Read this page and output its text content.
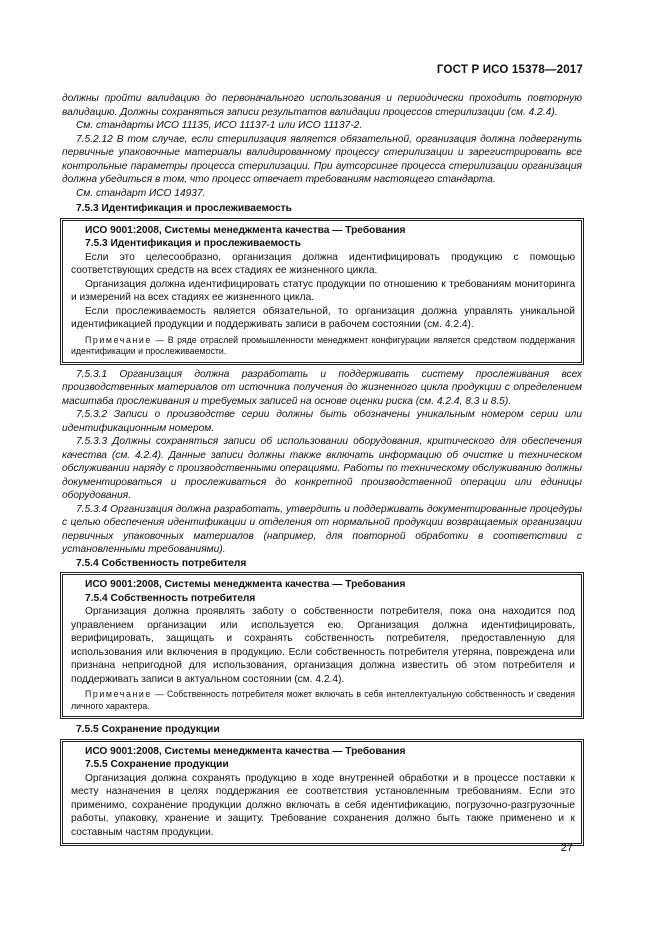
ГОСТ Р ИСО 15378—2017

должны пройти валидацию до первоначального использования и периодически проходить повторную валидацию. Должны сохраняться записи результатов валидации процессов стерилизации (см. 4.2.4).

См. стандарты ИСО 11135, ИСО 11137-1 или ИСО 11137-2.

7.5.2.12 В том случае, если стерилизация является обязательной, организация должна подвергнуть первичные упаковочные материалы валидированному процессу стерилизации и зарегистрировать все контрольные параметры процесса стерилизации. При аутсорсинге процесса стерилизации организация должна убедиться в том, что процесс отвечает требованиям настоящего стандарта.

См. стандарт ИСО 14937.

7.5.3 Идентификация и прослеживаемость

ИСО 9001:2008, Системы менеджмента качества — Требования

7.5.3 Идентификация и прослеживаемость

Если это целесообразно, организация должна идентифицировать продукцию с помощью соответствующих средств на всех стадиях ее жизненного цикла.

Организация должна идентифицировать статус продукции по отношению к требованиям мониторинга и измерений на всех стадиях ее жизненного цикла.

Если прослеживаемость является обязательной, то организация должна управлять уникальной идентификацией продукции и поддерживать записи в рабочем состоянии (см. 4.2.4).

Примечание — В ряде отраслей промышленности менеджмент конфигурации является средством поддержания идентификации и прослеживаемости.

7.5.3.1 Организация должна разработать и поддерживать систему прослеживания всех производственных материалов от источника получения до жизненного цикла продукции с определением масштаба прослеживания и требуемых записей на основе оценки риска (см. 4.2.4, 8.3 и 8.5).

7.5.3.2 Записи о производстве серии должны быть обозначены уникальным номером серии или идентификационным номером.

7.5.3.3 Должны сохраняться записи об использовании оборудования, критического для обеспечения качества (см. 4.2.4). Данные записи должны также включать информацию об очистке и техническом обслуживании наряду с производственными операциями. Работы по техническому обслуживанию должны документироваться и прослеживаться до конкретной производственной операции или единицы оборудования.

7.5.3.4 Организация должна разработать, утвердить и поддерживать документированные процедуры с целью обеспечения идентификации и отделения от нормальной продукции возвращаемых организации первичных упаковочных материалов (например, для повторной обработки в соответствии с установленными требованиями).

7.5.4 Собственность потребителя

ИСО 9001:2008, Системы менеджмента качества — Требования

7.5.4 Собственность потребителя

Организация должна проявлять заботу о собственности потребителя, пока она находится под управлением организации или используется ею. Организация должна идентифицировать, верифицировать, защищать и сохранять собственность потребителя, предоставленную для использования или включения в продукцию. Если собственность потребителя утеряна, повреждена или признана непригодной для использования, организация должна известить об этом потребителя и поддерживать записи в актуальном состоянии (см. 4.2.4).

Примечание — Собственность потребителя может включать в себя интеллектуальную собственность и сведения личного характера.

7.5.5 Сохранение продукции

ИСО 9001:2008, Системы менеджмента качества — Требования

7.5.5 Сохранение продукции

Организация должна сохранять продукцию в ходе внутренней обработки и в процессе поставки к месту назначения в целях поддержания ее соответствия установленным требованиям. Если это применимо, сохранение продукции должно включать в себя идентификацию, погрузочно-разгрузочные работы, упаковку, хранение и защиту. Требование сохранения должно быть также применено и к составным частям продукции.

27
